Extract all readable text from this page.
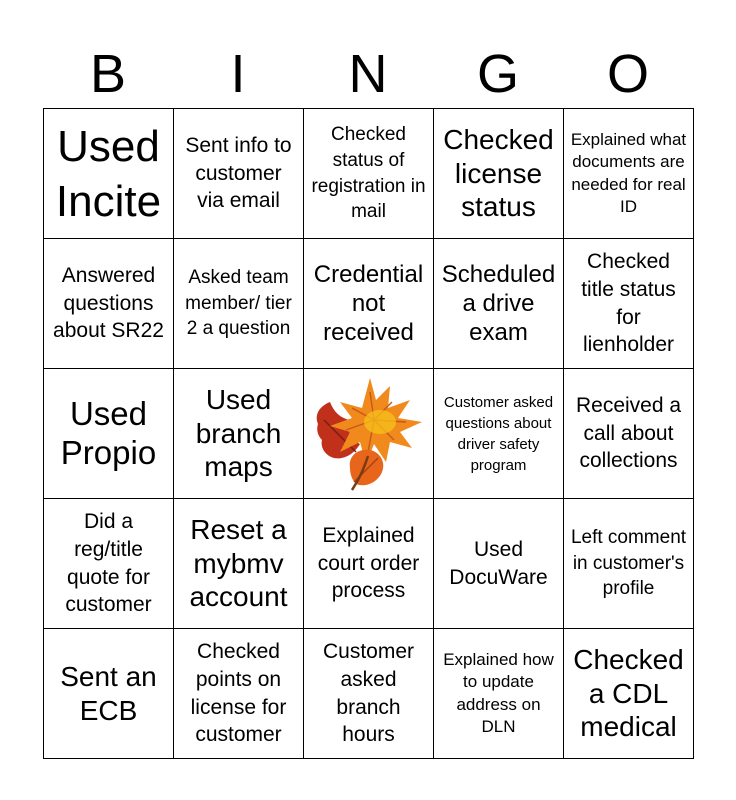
B	I	N	G	O
Used Incite	Sent info to customer via email	Checked status of registration in mail	Checked license status	Explained what documents are needed for real ID
Answered questions about SR22	Asked team member/ tier 2 a question	Credential not received	Scheduled a drive exam	Checked title status for lienholder
Used Propio	Used branch maps		Customer asked questions about driver safety program	Received a call about collections
Did a reg/title quote for customer	Reset a mybmv account	Explained court order process	Used DocuWare	Left comment in customer's profile
Sent an ECB	Checked points on license for customer	Customer asked branch hours	Explained how to update address on DLN	Checked a CDL medical
